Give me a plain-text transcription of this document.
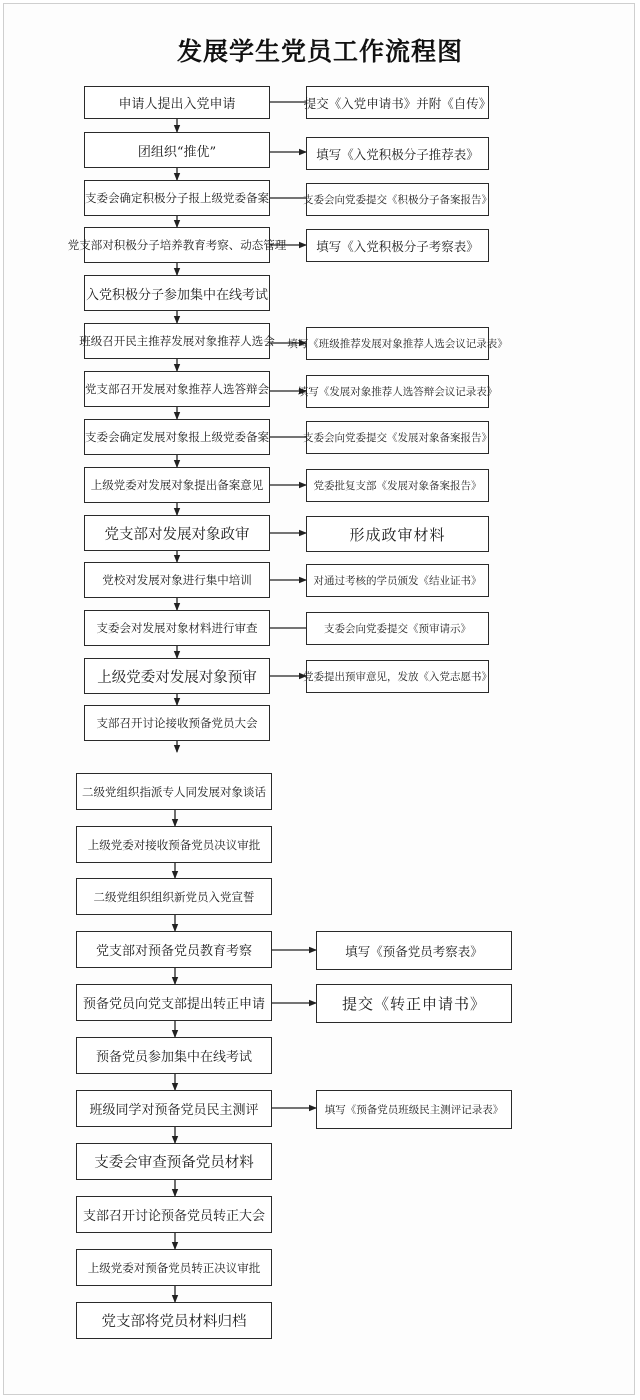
发展学生党员工作流程图
申请人提出入党申请
团组织“推优”
支委会确定积极分子报上级党委备案
党支部对积极分子培养教育考察、动态管理
入党积极分子参加集中在线考试
班级召开民主推荐发展对象推荐人选会
党支部召开发展对象推荐人选答辩会
支委会确定发展对象报上级党委备案
上级党委对发展对象提出备案意见
党支部对发展对象政审
党校对发展对象进行集中培训
支委会对发展对象材料进行审查
上级党委对发展对象预审
支部召开讨论接收预备党员大会
二级党组织指派专人同发展对象谈话
上级党委对接收预备党员决议审批
二级党组织组织新党员入党宣誓
党支部对预备党员教育考察
预备党员向党支部提出转正申请
预备党员参加集中在线考试
班级同学对预备党员民主测评
支委会审查预备党员材料
支部召开讨论预备党员转正大会
上级党委对预备党员转正决议审批
党支部将党员材料归档
提交《入党申请书》并附《自传》
填写《入党积极分子推荐表》
支委会向党委提交《积极分子备案报告》
填写《入党积极分子考察表》
填写《班级推荐发展对象推荐人选会议记录表》
填写《发展对象推荐人选答辩会议记录表》
支委会向党委提交《发展对象备案报告》
党委批复支部《发展对象备案报告》
形成政审材料
对通过考核的学员颁发《结业证书》
支委会向党委提交《预审请示》
党委提出预审意见，发放《入党志愿书》
填写《预备党员考察表》
提交《转正申请书》
填写《预备党员班级民主测评记录表》
